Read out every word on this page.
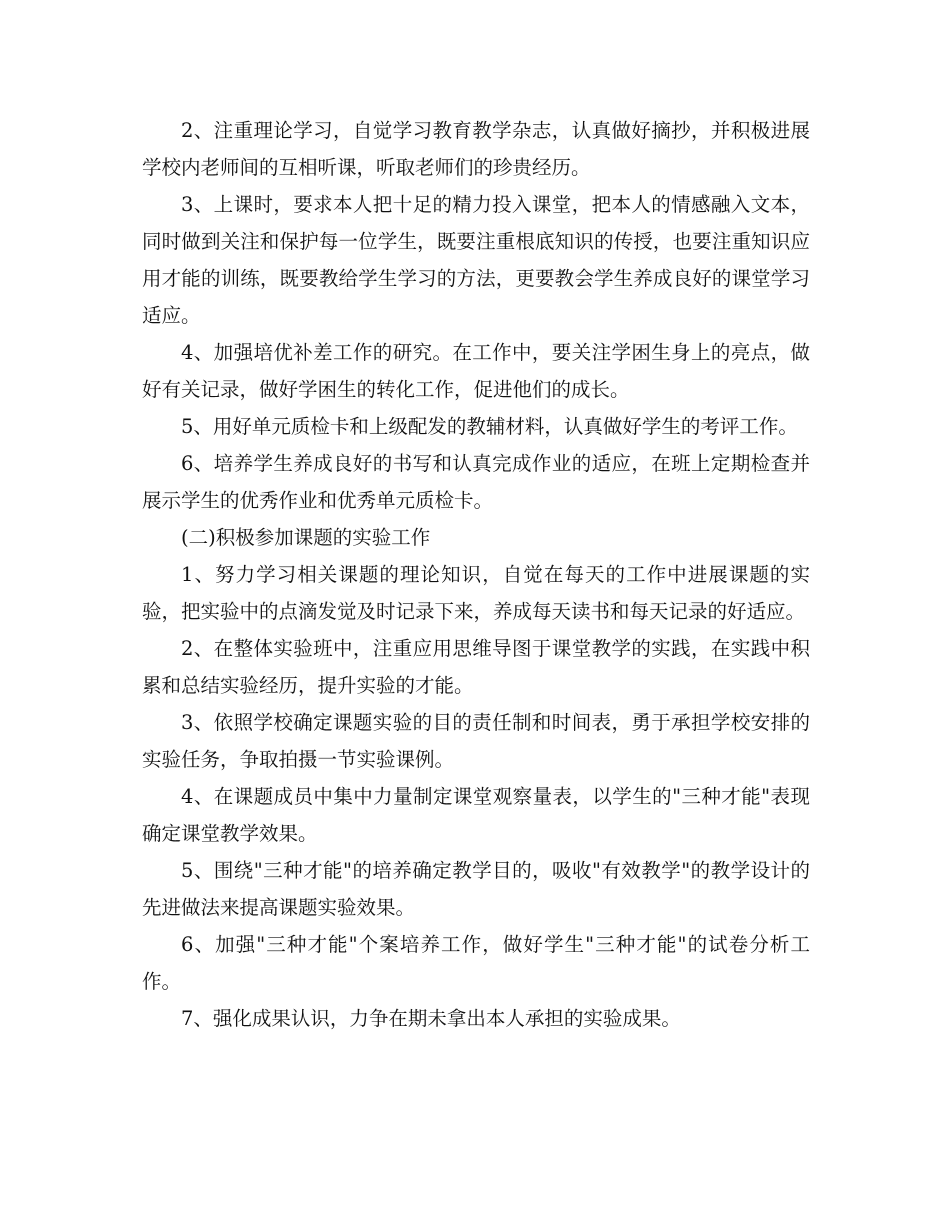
2、注重理论学习，自觉学习教育教学杂志，认真做好摘抄，并积极进展学校内老师间的互相听课，听取老师们的珍贵经历。

3、上课时，要求本人把十足的精力投入课堂，把本人的情感融入文本，同时做到关注和保护每一位学生，既要注重根底知识的传授，也要注重知识应用才能的训练，既要教给学生学习的方法，更要教会学生养成良好的课堂学习适应。

4、加强培优补差工作的研究。在工作中，要关注学困生身上的亮点，做好有关记录，做好学困生的转化工作，促进他们的成长。

5、用好单元质检卡和上级配发的教辅材料，认真做好学生的考评工作。

6、培养学生养成良好的书写和认真完成作业的适应，在班上定期检查并展示学生的优秀作业和优秀单元质检卡。

(二)积极参加课题的实验工作

1、努力学习相关课题的理论知识，自觉在每天的工作中进展课题的实验，把实验中的点滴发觉及时记录下来，养成每天读书和每天记录的好适应。

2、在整体实验班中，注重应用思维导图于课堂教学的实践，在实践中积累和总结实验经历，提升实验的才能。

3、依照学校确定课题实验的目的责任制和时间表，勇于承担学校安排的实验任务，争取拍摄一节实验课例。

4、在课题成员中集中力量制定课堂观察量表，以学生的"三种才能"表现确定课堂教学效果。

5、围绕"三种才能"的培养确定教学目的，吸收"有效教学"的教学设计的先进做法来提高课题实验效果。

6、加强"三种才能"个案培养工作，做好学生"三种才能"的试卷分析工作。

7、强化成果认识，力争在期未拿出本人承担的实验成果。
